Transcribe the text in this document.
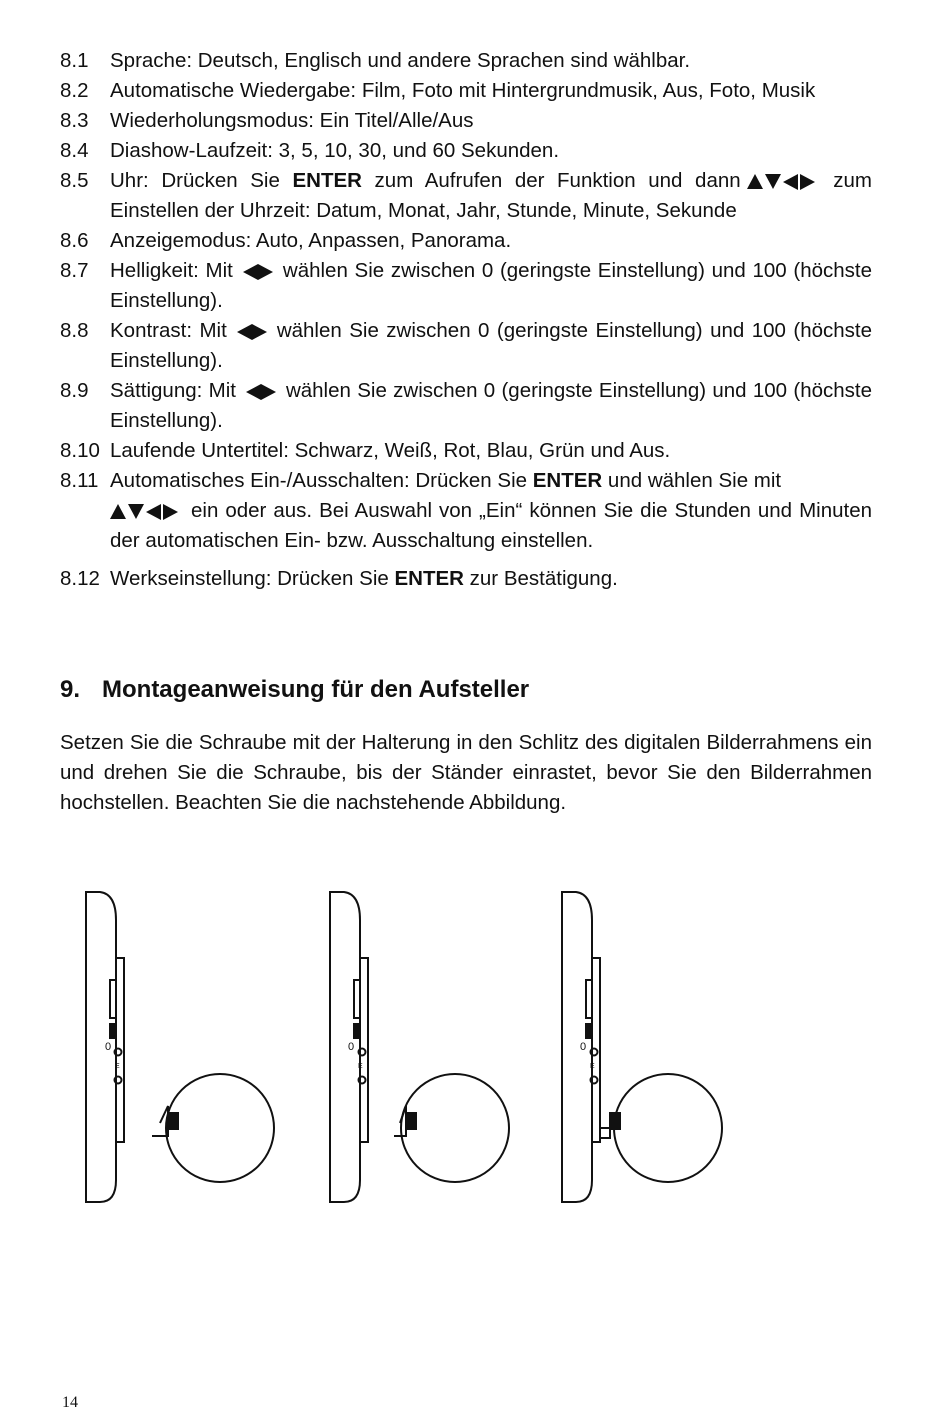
8.1	Sprache: Deutsch, Englisch und andere Sprachen sind wählbar.
8.2	Automatische Wiedergabe: Film, Foto mit Hintergrundmusik, Aus, Foto, Musik
8.3	Wiederholungsmodus: Ein Titel/Alle/Aus
8.4	Diashow-Laufzeit: 3, 5, 10, 30, und 60 Sekunden.
8.5	Uhr: Drücken Sie ENTER zum Aufrufen der Funktion und dann	zum Einstellen der Uhrzeit: Datum, Monat, Jahr, Stunde, Minute, Sekunde
8.6	Anzeigemodus: Auto, Anpassen, Panorama.
8.7	Helligkeit: Mit wählen Sie zwischen 0 (geringste Einstellung) und 100 (höchste Einstellung).
8.8	Kontrast: Mit wählen Sie zwischen 0 (geringste Einstellung) und 100 (höchste Einstellung).
8.9	Sättigung: Mit wählen Sie zwischen 0 (geringste Einstellung) und 100 (höchste Einstellung).
8.10 Laufende Untertitel: Schwarz, Weiß, Rot, Blau, Grün und Aus.
8.11 Automatisches Ein-/Ausschalten: Drücken Sie ENTER und wählen Sie mit

ein oder aus. Bei Auswahl von „Ein“ können Sie die Stunden und Minuten der automatischen Ein- bzw. Ausschaltung einstellen.
8.12 Werkseinstellung: Drücken Sie ENTER zur Bestätigung.
9. Montageanweisung für den Aufsteller
Setzen Sie die Schraube mit der Halterung in den Schlitz des digitalen Bilderrahmens ein und drehen Sie die Schraube, bis der Ständer einrastet, bevor Sie den Bilderrahmen hochstellen. Beachten Sie die nachstehende Abbildung.
0
E
0
E
0
E
14
